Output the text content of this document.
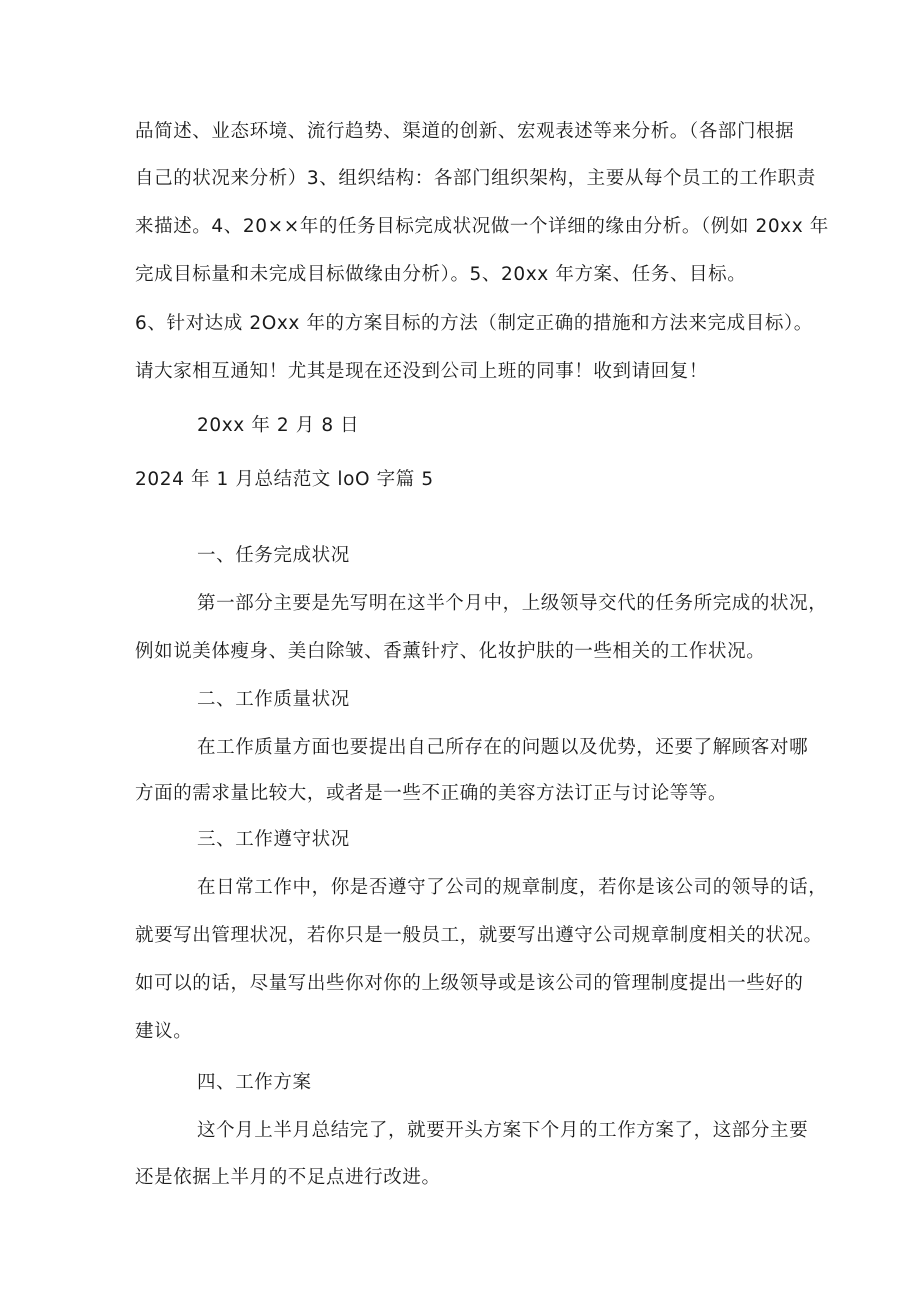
品简述、业态环境、流行趋势、渠道的创新、宏观表述等来分析。（各部门根据
自己的状况来分析）3、组织结构：各部门组织架构，主要从每个员工的工作职责
来描述。4、20××年的任务目标完成状况做一个详细的缘由分析。（例如 20xx 年
完成目标量和未完成目标做缘由分析）。5、20xx 年方案、任务、目标。
6、针对达成 2Oxx 年的方案目标的方法（制定正确的措施和方法来完成目标）。
请大家相互通知！尤其是现在还没到公司上班的同事！收到请回复！
20xx 年 2 月 8 日
2024 年 1 月总结范文 loO 字篇 5
一、任务完成状况
第一部分主要是先写明在这半个月中，上级领导交代的任务所完成的状况，
例如说美体瘦身、美白除皱、香薰针疗、化妆护肤的一些相关的工作状况。
二、工作质量状况
在工作质量方面也要提出自己所存在的问题以及优势，还要了解顾客对哪
方面的需求量比较大，或者是一些不正确的美容方法订正与讨论等等。
三、工作遵守状况
在日常工作中，你是否遵守了公司的规章制度，若你是该公司的领导的话，
就要写出管理状况，若你只是一般员工，就要写出遵守公司规章制度相关的状况。
如可以的话，尽量写出些你对你的上级领导或是该公司的管理制度提出一些好的
建议。
四、工作方案
这个月上半月总结完了，就要开头方案下个月的工作方案了，这部分主要
还是依据上半月的不足点进行改进。
